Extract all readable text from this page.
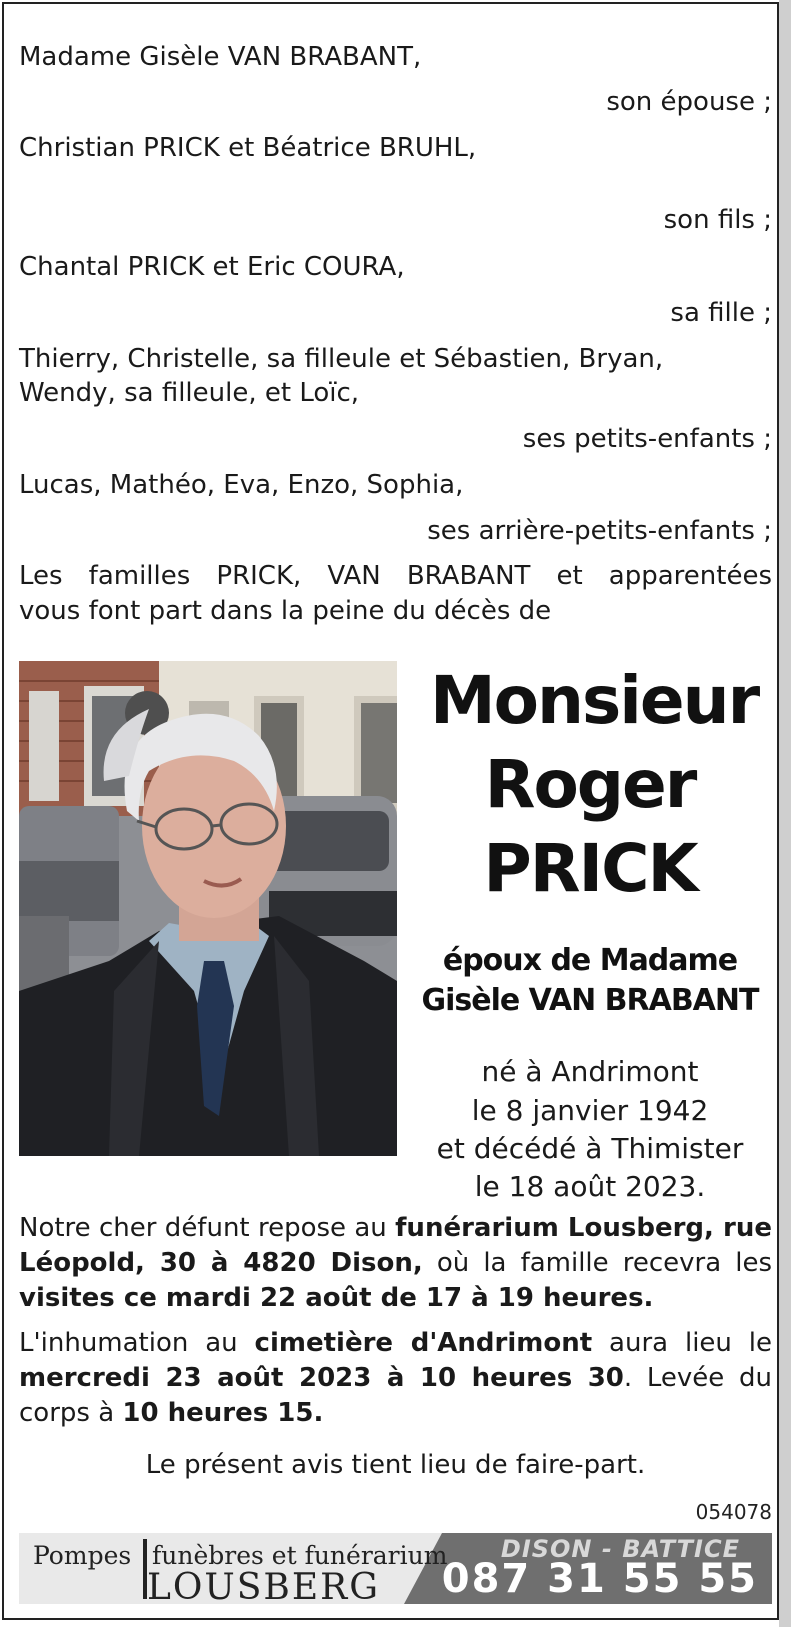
Madame Gisèle VAN BRABANT,
son épouse ;
Christian PRICK et Béatrice BRUHL,
son fils ;
Chantal PRICK et Eric COURA,
sa fille ;
Thierry, Christelle, sa filleule et Sébastien, Bryan,
Wendy, sa filleule, et Loïc,
ses petits-enfants ;
Lucas, Mathéo, Eva, Enzo, Sophia,
ses arrière-petits-enfants ;
Les familles PRICK, VAN BRABANT et apparentées
vous font part dans la peine du décès de
Monsieur
Roger
PRICK
époux de Madame
Gisèle VAN BRABANT
né à Andrimont
le 8 janvier 1942
et décédé à Thimister
le 18 août 2023.
Notre cher défunt repose au funérarium Lousberg, rue Léopold, 30 à 4820 Dison, où la famille recevra les visites ce mardi 22 août de 17 à 19 heures.
L'inhumation au cimetière d'Andrimont aura lieu le mercredi 23 août 2023 à 10 heures 30. Levée du corps à 10 heures 15.
Le présent avis tient lieu de faire-part.
054078
Pompes funèbres et funérarium
LOUSBERG
DISON - BATTICE
087 31 55 55
